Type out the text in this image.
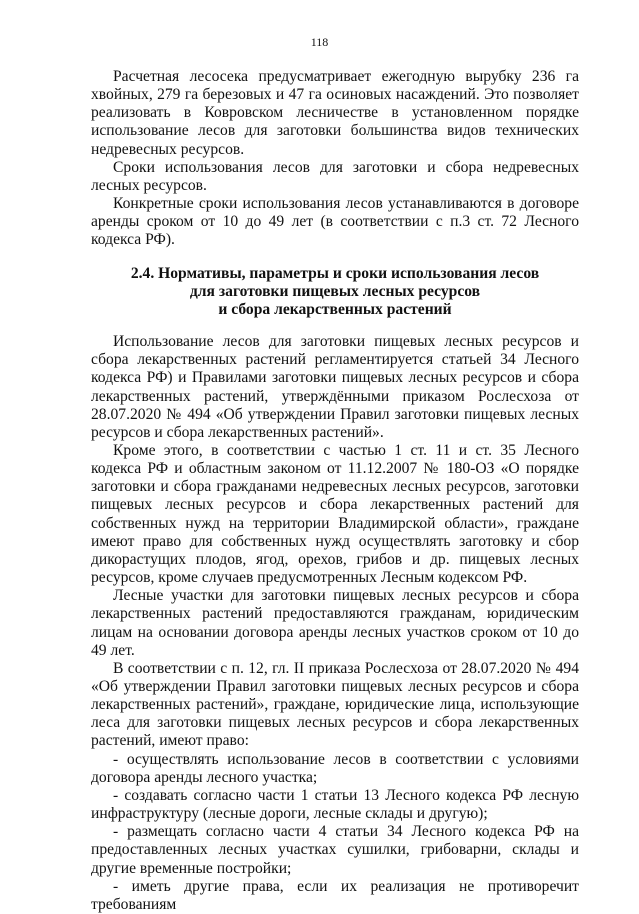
118

Расчетная лесосека предусматривает ежегодную вырубку 236 га хвойных, 279 га березовых и 47 га осиновых насаждений. Это позволяет реализовать в Ковровском лесничестве в установленном порядке использование лесов для заготовки большинства видов технических недревесных ресурсов.

Сроки использования лесов для заготовки и сбора недревесных лесных ресурсов.

Конкретные сроки использования лесов устанавливаются в договоре аренды сроком от 10 до 49 лет (в соответствии с п.3 ст. 72 Лесного кодекса РФ).

2.4. Нормативы, параметры и сроки использования лесов
для заготовки пищевых лесных ресурсов
и сбора лекарственных растений

Использование лесов для заготовки пищевых лесных ресурсов и сбора лекарственных растений регламентируется статьей 34 Лесного кодекса РФ) и Правилами заготовки пищевых лесных ресурсов и сбора лекарственных растений, утверждёнными приказом Рослесхоза от 28.07.2020 № 494 «Об утверждении Правил заготовки пищевых лесных ресурсов и сбора лекарственных растений».

Кроме этого, в соответствии с частью 1 ст. 11 и ст. 35 Лесного кодекса РФ и областным законом от 11.12.2007 № 180-ОЗ «О порядке заготовки и сбора гражданами недревесных лесных ресурсов, заготовки пищевых лесных ресурсов и сбора лекарственных растений для собственных нужд на территории Владимирской области», граждане имеют право для собственных нужд осуществлять заготовку и сбор дикорастущих плодов, ягод, орехов, грибов и др. пищевых лесных ресурсов, кроме случаев предусмотренных Лесным кодексом РФ.

Лесные участки для заготовки пищевых лесных ресурсов и сбора лекарственных растений предоставляются гражданам, юридическим лицам на основании договора аренды лесных участков сроком от 10 до 49 лет.

В соответствии с п. 12, гл. II приказа Рослесхоза от 28.07.2020 № 494 «Об утверждении Правил заготовки пищевых лесных ресурсов и сбора лекарственных растений», граждане, юридические лица, использующие леса для заготовки пищевых лесных ресурсов и сбора лекарственных растений, имеют право:

- осуществлять использование лесов в соответствии с условиями договора аренды лесного участка;

- создавать согласно части 1 статьи 13 Лесного кодекса РФ лесную инфраструктуру (лесные дороги, лесные склады и другую);

- размещать согласно части 4 статьи 34 Лесного кодекса РФ на предоставленных лесных участках сушилки, грибоварни, склады и другие временные постройки;

- иметь другие права, если их реализация не противоречит требованиям
